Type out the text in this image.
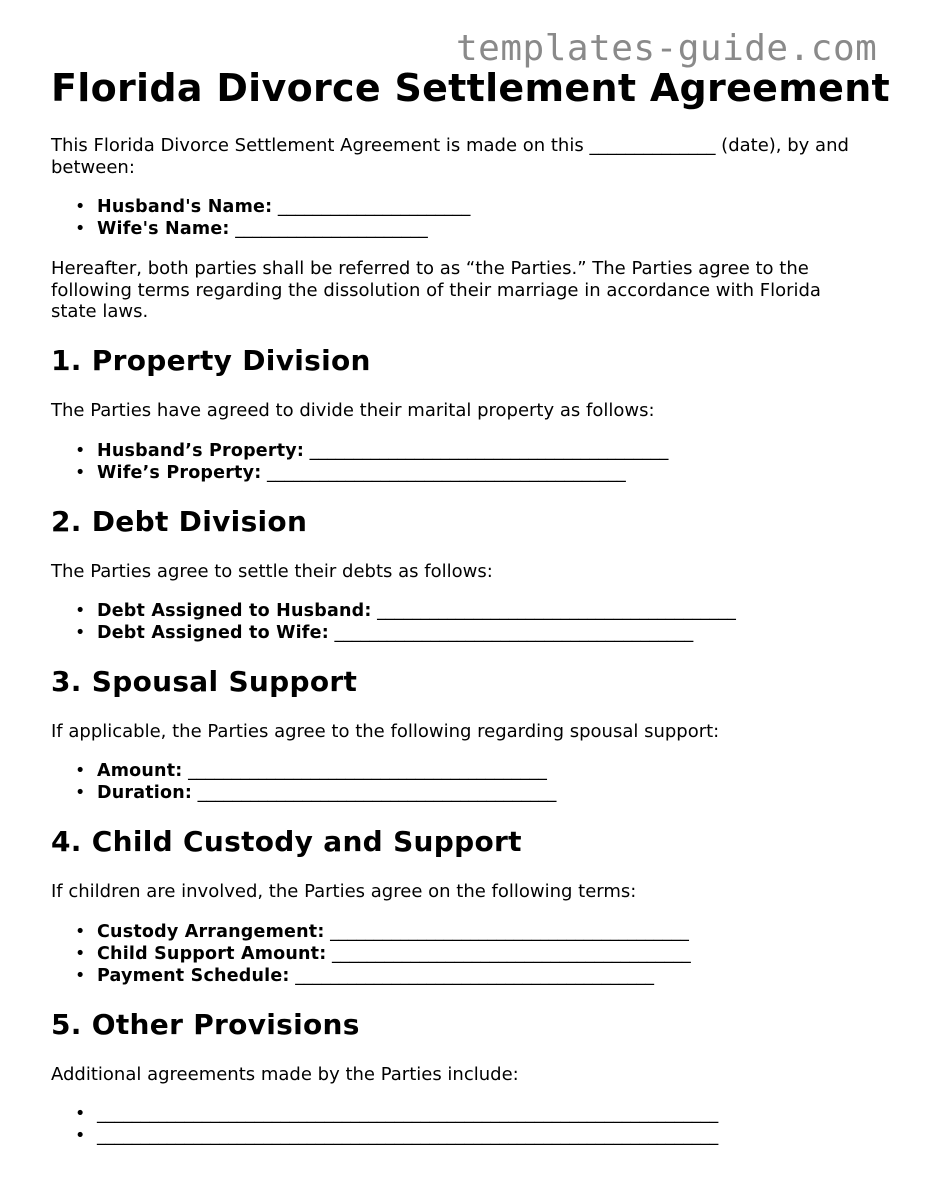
templates-guide.com
Florida Divorce Settlement Agreement

This Florida Divorce Settlement Agreement is made on this ______________ (date), by and between:

• Husband's Name: ______________________
• Wife's Name: ______________________

Hereafter, both parties shall be referred to as “the Parties.” The Parties agree to the following terms regarding the dissolution of their marriage in accordance with Florida state laws.

1. Property Division

The Parties have agreed to divide their marital property as follows:

• Husband’s Property: _________________________________________
• Wife’s Property: _________________________________________
2. Debt Division

The Parties agree to settle their debts as follows:

• Debt Assigned to Husband: _________________________________________
• Debt Assigned to Wife: _________________________________________
3. Spousal Support

If applicable, the Parties agree to the following regarding spousal support:

• Amount: _________________________________________
• Duration: _________________________________________
4. Child Custody and Support

If children are involved, the Parties agree on the following terms:

• Custody Arrangement: _________________________________________
• Child Support Amount: _________________________________________
• Payment Schedule: _________________________________________
5. Other Provisions

Additional agreements made by the Parties include:

• _______________________________________________________________________
• _______________________________________________________________________
